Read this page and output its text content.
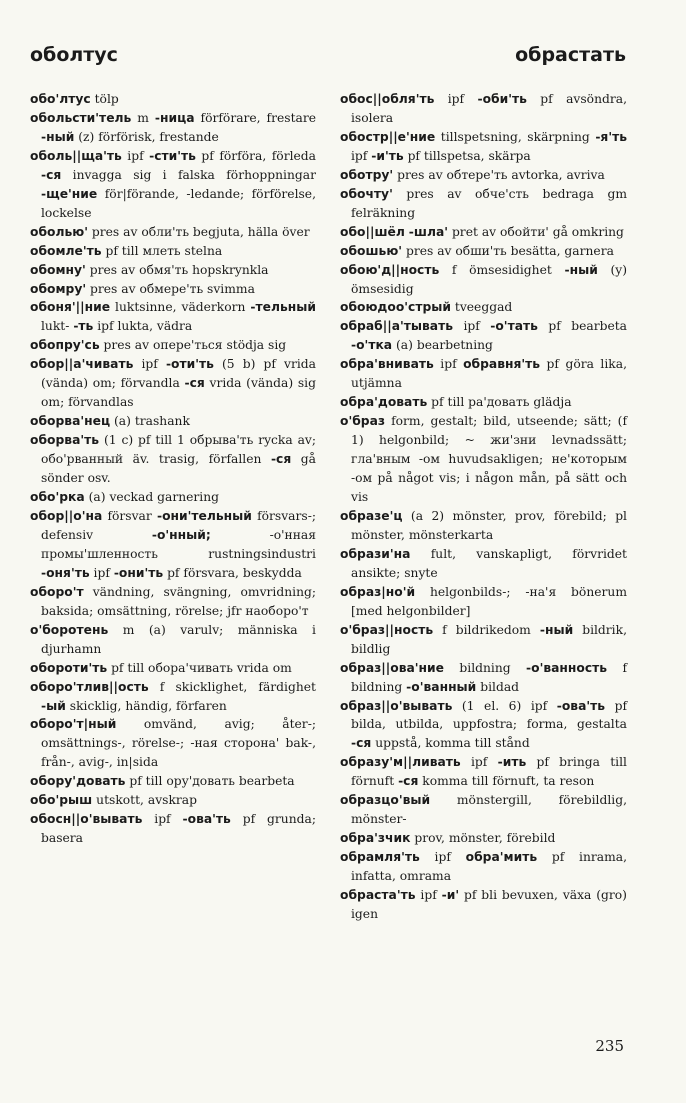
оболтус	обрастать
обо'лтус tölp
обольсти'тель m -ница förförare, frestare -ный (z) förförisk, frestande
оболь||ща'ть ipf -сти'ть pf förföra, förleda -ся invagga sig i falska förhoppningar -ще'ние för|förande, -ledande; förförelse, lockelse
оболью' pres av обли'ть begjuta, hälla över
обомле'ть pf till млеть stelna
обомну' pres av обмя'ть hopskrynkla
обомру' pres av обмере'ть svimma
обоня'||ние luktsinne, väderkorn -тельный lukt- -ть ipf lukta, vädra
обопру'сь pres av опере'ться stödja sig
обор||а'чивать ipf -оти'ть (5 b) pf vrida (vända) om; förvandla -ся vrida (vända) sig om; förvandlas
оборва'нец (a) trashank
оборва'ть (1 c) pf till 1 обрыва'ть rycka av; обо'рванный äv. trasig, förfallen -ся gå sönder osv.
обо'рка (a) veckad garnering
обор||о'на försvar -они'тельный försvars-; defensiv -о'нный; -о'нная промы'шленность rustningsindustri -оня'ть ipf -они'ть pf försvara, beskydda
оборо'т vändning, svängning, omvridning; baksida; omsättning, rörelse; jfr наоборо'т
о'боротень m (a) varulv; människa i djurhamn
обороти'ть pf till обора'чивать vrida om
оборо'тлив||ость f skicklighet, färdighet -ый skicklig, händig, förfaren
оборо'т|ный omvänd, avig; åter-; omsättnings-, rörelse-; -ная сторона' bak-, från-, avig-, in|sida
обору'довать pf till ору'довать bearbeta
обо'рыш utskott, avskrap
обосн||о'вывать ipf -ова'ть pf grunda; basera
обос||обля'ть ipf -оби'ть pf avsöndra, isolera
обостр||е'ние tillspetsning, skärpning -я'ть ipf -и'ть pf tillspetsa, skärpa
оботру' pres av обтере'ть avtorka, avriva
обочту' pres av обче'сть bedraga gm felräkning
обо||шёл -шла' pret av обойти' gå omkring
обошью' pres av обши'ть besätta, garnera
обою'д||ность f ömsesidighet -ный (y) ömsesidig
обоюдоо'стрый tveeggad
обраб||а'тывать ipf -о'тать pf bearbeta -о'тка (a) bearbetning
обра'внивать ipf обравня'ть pf göra lika, utjämna
обра'довать pf till ра'довать glädja
о'браз form, gestalt; bild, utseende; sätt; (f 1) helgonbild; ~ жи'зни levnadssätt; гла'вным -ом huvudsakligen; не'которым -ом på något vis; i någon mån, på sätt och vis
образе'ц (a 2) mönster, prov, förebild; pl mönster, mönsterkarta
образи'на fult, vanskapligt, förvridet ansikte; snyte
образ|но'й helgonbilds-; -на'я bönerum [med helgonbilder]
о'браз||ность f bildrikedom -ный bildrik, bildlig
образ||ова'ние bildning -о'ванность f bildning -о'ванный bildad
образ||о'вывать (1 el. 6) ipf -ова'ть pf bilda, utbilda, uppfostra; forma, gestalta -ся uppstå, komma till stånd
образу'м||ливать ipf -ить pf bringa till förnuft -ся komma till förnuft, ta reson
образцо'вый mönstergill, förebildlig, mönster-
обра'зчик prov, mönster, förebild
обрамля'ть ipf обра'мить pf inrama, infatta, omrama
обраста'ть ipf -и' pf bli bevuxen, växa (gro) igen
235
